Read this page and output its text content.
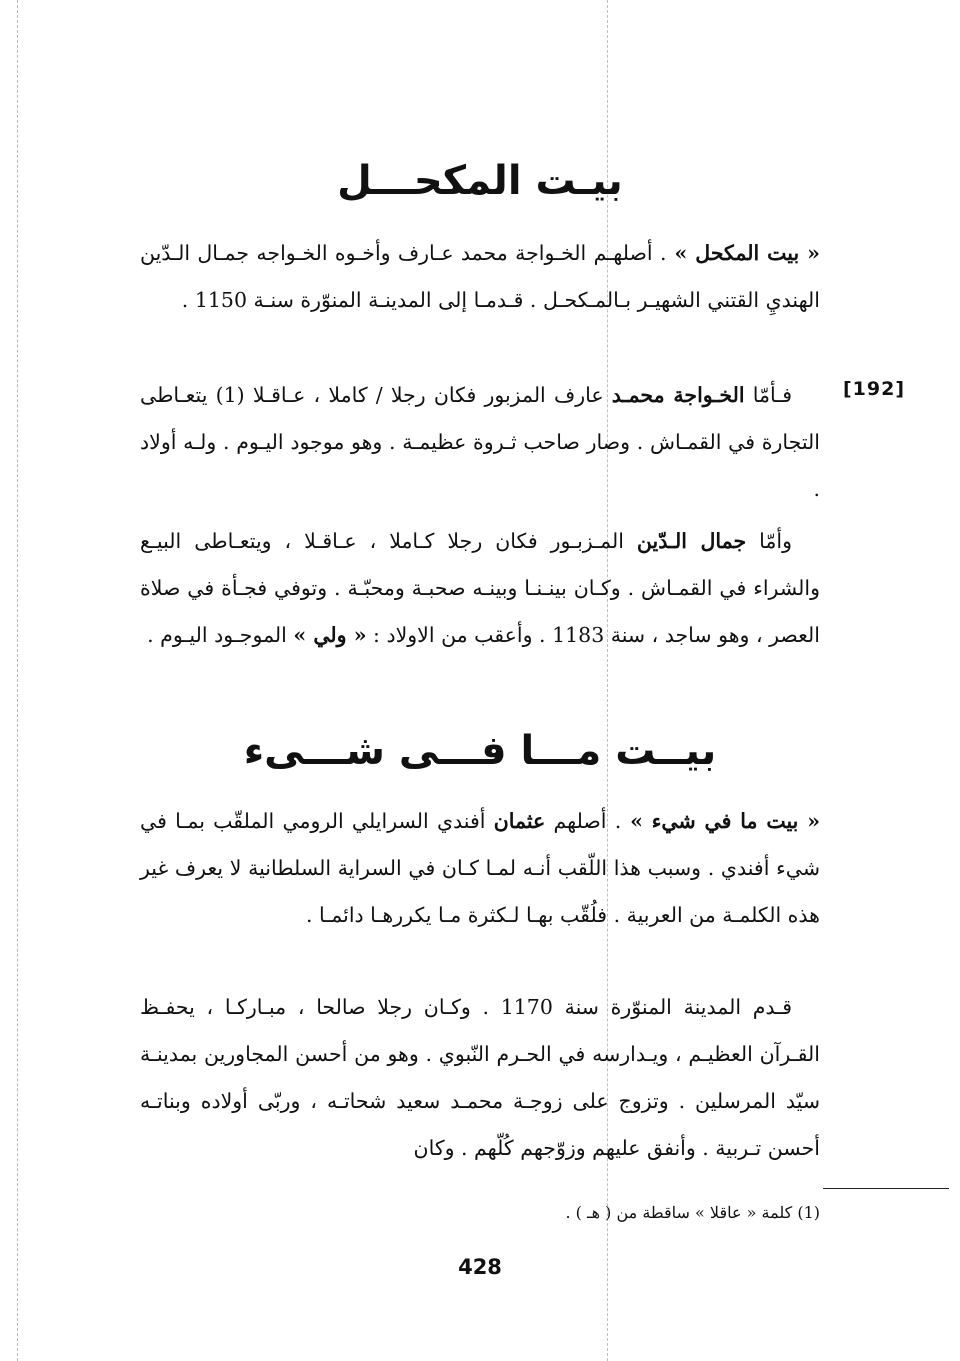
[192]
بيـت المكحـــل

« بيت المكحل » . أصلهـم الخـواجة محمد عـارف وأخـوه الخـواجه جمـال الـدّين الهنديِ القتني الشهيـر بـالمـكحـل . قـدمـا إلى المدينـة المنوّرة سنـة 1150 .

فـأمّا الخـواجة محمـد عارف المزبور فكان رجلا / كاملا ، عـاقـلا (1) يتعـاطى التجارة في القمـاش . وصار صاحب ثـروة عظيمـة . وهو موجود اليـوم . ولـه أولاد .

وأمّا جمال الـدّين المـزبـور فكان رجلا كـاملا ، عـاقـلا ، ويتعـاطى البيـع والشراء في القمـاش . وكـان بينـنـا وبينـه صحبـة ومحبّـة . وتوفي فجـأة في صلاة العصر ، وهو ساجد ، سنة 1183 . وأعقب من الاولاد : « ولي » الموجـود اليـوم .

بيــت مـــا فـــى شـــىء

« بيت ما في شيء » . أصلهم عثمان أفندي السرايلي الرومي الملقّب بمـا في شيء أفندي . وسبب هذا اللّقب أنـه لمـا كـان في السراية السلطانية لا يعرف غير هذه الكلمـة من العربية . فلُقّب بهـا لـكثرة مـا يكررهـا دائمـا .

قـدم المدينة المنوّرة سنة 1170 . وكـان رجلا صالحا ، مبـاركـا ، يحفـظ القـرآن العظيـم ، ويـدارسه في الحـرم النّبوي . وهو من أحسن المجاورين بمدينـة سيّد المرسلين . وتزوج على زوجـة محمـد سعيد شحاتـه ، وربّى أولاده وبناتـه أحسن تـربية . وأنفق عليهم وزوّجهم كُلّهم . وكان

(1) كلمة « عاقلا » ساقطة من ( هـ ) .
428
